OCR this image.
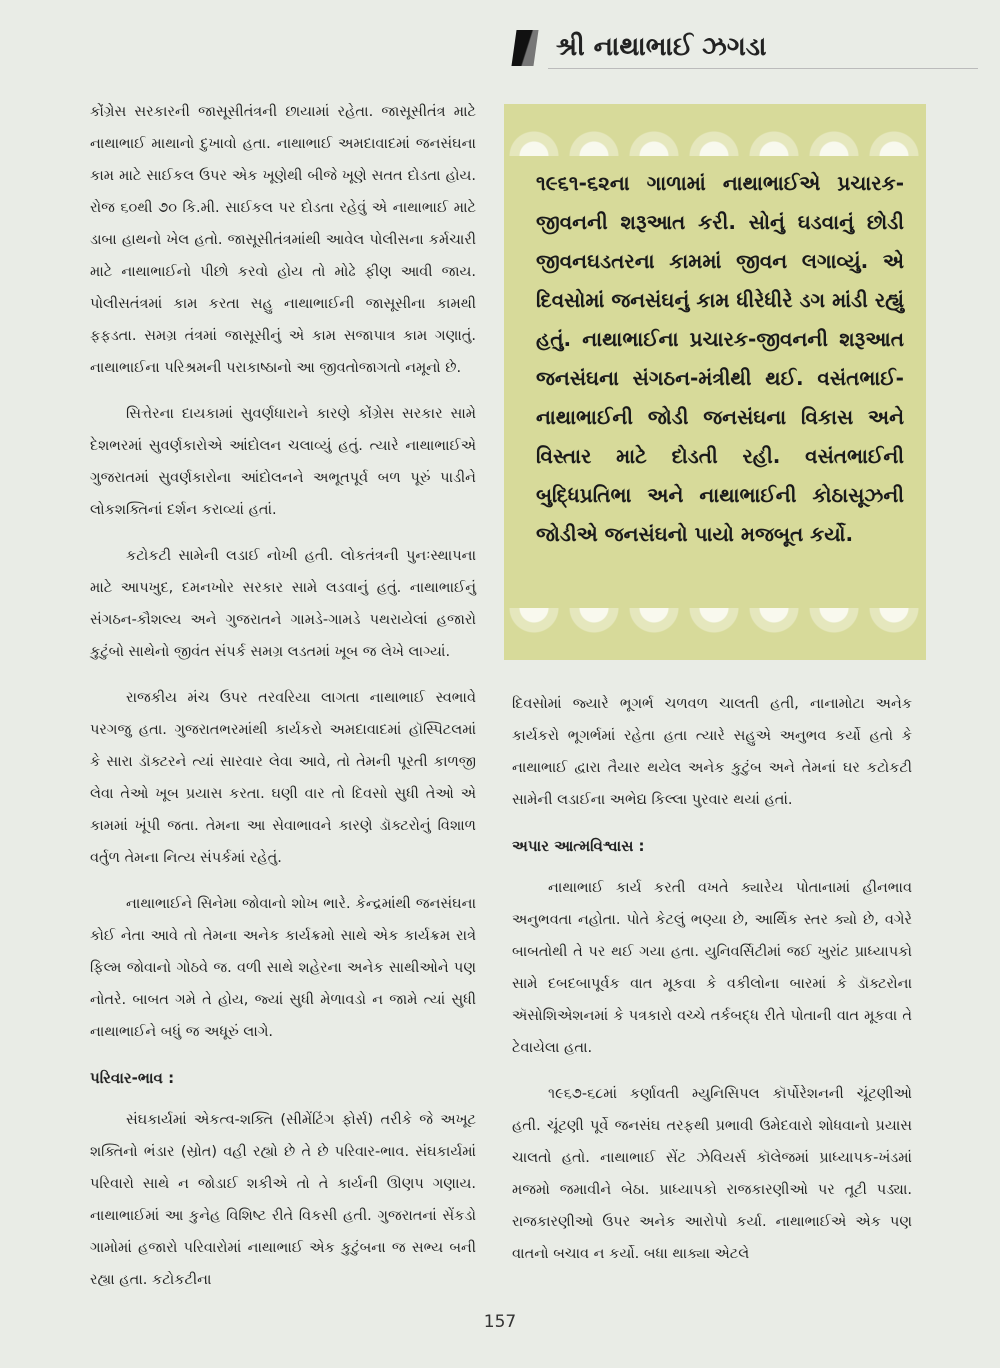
શ્રી નાથાભાઈ ઝગડા

કોંગ્રેસ સરકારની જાસૂસીતંત્રની છાયામાં રહેતા. જાસૂસીતંત્ર માટે નાથાભાઈ માથાનો દુખાવો હતા. નાથાભાઈ અમદાવાદમાં જનસંઘના કામ માટે સાઈકલ ઉપર એક ખૂણેથી બીજે ખૂણે સતત દોડતા હોય. રોજ ૬૦થી ૭૦ કિ.મી. સાઈકલ પર દોડતા રહેવું એ નાથાભાઈ માટે ડાબા હાથનો ખેલ હતો. જાસૂસીતંત્રમાંથી આવેલ પોલીસના કર્મચારી માટે નાથાભાઈનો પીછો કરવો હોય તો મોઢે ફીણ આવી જાય. પોલીસતંત્રમાં કામ કરતા સહુ નાથાભાઈની જાસૂસીના કામથી ફફડતા. સમગ્ર તંત્રમાં જાસૂસીનું એ કામ સજાપાત્ર કામ ગણાતું. નાથાભાઈના પરિશ્રમની પરાકાષ્ઠાનો આ જીવતોજાગતો નમૂનો છે.

સિત્તેરના દાયકામાં સુવર્ણધારાને કારણે કોંગ્રેસ સરકાર સામે દેશભરમાં સુવર્ણકારોએ આંદોલન ચલાવ્યું હતું. ત્યારે નાથાભાઈએ ગુજરાતમાં સુવર્ણકારોના આંદોલનને અભૂતપૂર્વ બળ પૂરું પાડીને લોકશક્તિનાં દર્શન કરાવ્યાં હતાં.

કટોકટી સામેની લડાઈ નોખી હતી. લોકતંત્રની પુનઃસ્થાપના માટે આપખુદ, દમનખોર સરકાર સામે લડવાનું હતું. નાથાભાઈનું સંગઠન-કૌશલ્ય અને ગુજરાતને ગામડે-ગામડે પથરાયેલાં હજારો કુટુંબો સાથેનો જીવંત સંપર્ક સમગ્ર લડતમાં ખૂબ જ લેખે લાગ્યાં.

રાજકીય મંચ ઉપર તરવરિયા લાગતા નાથાભાઈ સ્વભાવે પરગજુ હતા. ગુજરાતભરમાંથી કાર્યકરો અમદાવાદમાં હૉસ્પિટલમાં કે સારા ડૉક્ટરને ત્યાં સારવાર લેવા આવે, તો તેમની પૂરતી કાળજી લેવા તેઓ ખૂબ પ્રયાસ કરતા. ઘણી વાર તો દિવસો સુધી તેઓ એ કામમાં ખૂંપી જતા. તેમના આ સેવાભાવને કારણે ડૉક્ટરોનું વિશાળ વર્તુળ તેમના નિત્ય સંપર્કમાં રહેતું.

નાથાભાઈને સિનેમા જોવાનો શોખ ભારે. કેન્દ્રમાંથી જનસંઘના કોઈ નેતા આવે તો તેમના અનેક કાર્યક્રમો સાથે એક કાર્યક્રમ રાત્રે ફિલ્મ જોવાનો ગોઠવે જ. વળી સાથે શહેરના અનેક સાથીઓને પણ નોતરે. બાબત ગમે તે હોય, જ્યાં સુધી મેળાવડો ન જામે ત્યાં સુધી નાથાભાઈને બધું જ અધૂરું લાગે.

પરિવાર-ભાવ :

સંઘકાર્યમાં એકત્વ-શક્તિ (સીમેંટિંગ ફોર્સ) તરીકે જે અખૂટ શક્તિનો ભંડાર (સ્રોત) વહી રહ્યો છે તે છે પરિવાર-ભાવ. સંઘકાર્યમાં પરિવારો સાથે ન જોડાઈ શકીએ તો તે કાર્યની ઊણપ ગણાય. નાથાભાઈમાં આ કુનેહ વિશિષ્ટ રીતે વિકસી હતી. ગુજરાતનાં સેંકડો ગામોમાં હજારો પરિવારોમાં નાથાભાઈ એક કુટુંબના જ સભ્ય બની રહ્યા હતા. કટોકટીના

૧૯૬૧-૬૨ના ગાળામાં નાથાભાઈએ પ્રચારક-જીવનની શરૂઆત કરી. સોનું ઘડવાનું છોડી જીવનઘડતરના કામમાં જીવન લગાવ્યું. એ દિવસોમાં જનસંઘનું કામ ધીરેધીરે ડગ માંડી રહ્યું હતું. નાથાભાઈના પ્રચારક-જીવનની શરૂઆત જનસંઘના સંગઠન-મંત્રીથી થઈ. વસંતભાઈ-નાથાભાઈની જોડી જનસંઘના વિકાસ અને વિસ્તાર માટે દોડતી રહી. વસંતભાઈની બુદ્ધિપ્રતિભા અને નાથાભાઈની કોઠાસૂઝની જોડીએ જનસંઘનો પાયો મજબૂત કર્યો.

દિવસોમાં જ્યારે ભૂગર્ભ ચળવળ ચાલતી હતી, નાનામોટા અનેક કાર્યકરો ભૂગર્ભમાં રહેતા હતા ત્યારે સહુએ અનુભવ કર્યો હતો કે નાથાભાઈ દ્વારા તૈયાર થયેલ અનેક કુટુંબ અને તેમનાં ઘર કટોકટી સામેની લડાઈના અભેદ્ય કિલ્લા પુરવાર થયાં હતાં.

અપાર આત્મવિશ્વાસ :

નાથાભાઈ કાર્ય કરતી વખતે ક્યારેય પોતાનામાં હીનભાવ અનુભવતા નહોતા. પોતે કેટલું ભણ્યા છે, આર્થિક સ્તર ક્યો છે, વગેરે બાબતોથી તે પર થઈ ગયા હતા. યુનિવર્સિટીમાં જઈ ખુરાંટ પ્રાધ્યાપકો સામે દબદબાપૂર્વક વાત મૂકવા કે વકીલોના બારમાં કે ડૉક્ટરોના ઍસોશિએશનમાં કે પત્રકારો વચ્ચે તર્કબદ્ધ રીતે પોતાની વાત મૂકવા તે ટેવાયેલા હતા.

૧૯૬૭-૬૮માં કર્ણાવતી મ્યુનિસિપલ કૉર્પોરેશનની ચૂંટણીઓ હતી. ચૂંટણી પૂર્વે જનસંઘ તરફથી પ્રભાવી ઉમેદવારો શોધવાનો પ્રયાસ ચાલતો હતો. નાથાભાઈ સેંટ ઝેવિયર્સ કૉલેજમાં પ્રાધ્યાપક-ખંડમાં મજમો જમાવીને બેઠા. પ્રાધ્યાપકો રાજકારણીઓ પર તૂટી પડ્યા. રાજકારણીઓ ઉપર અનેક આરોપો કર્યા. નાથાભાઈએ એક પણ વાતનો બચાવ ન કર્યો. બધા થાક્યા એટલે

157
